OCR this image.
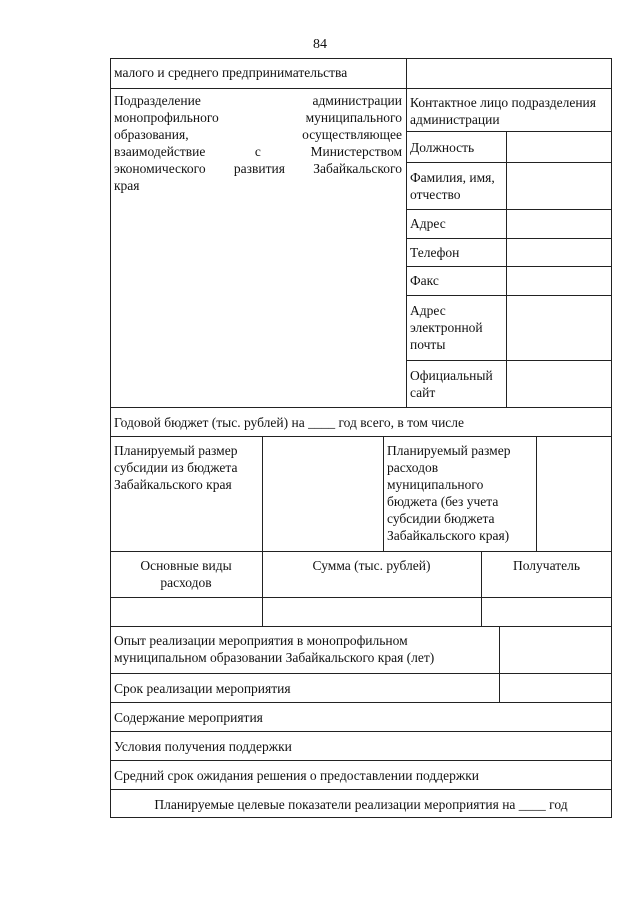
84
малого и среднего предпринимательства
Подразделение администрации
монопрофильного муниципального
образования, осуществляющее
взаимодействие с Министерством
экономического развития Забайкальского
края
Контактное лицо подразделения администрации
Должность
Фамилия, имя, отчество
Адрес
Телефон
Факс
Адрес электронной почты
Официальный сайт
Годовой бюджет (тыс. рублей) на ____ год всего, в том числе
Планируемый размер субсидии из бюджета Забайкальского края
Планируемый размер расходов муниципального бюджета (без учета субсидии бюджета Забайкальского края)
Основные виды расходов
Сумма (тыс. рублей)	Получатель
Опыт реализации мероприятия в монопрофильном муниципальном образовании Забайкальского края (лет)
Срок реализации мероприятия
Содержание мероприятия
Условия получения поддержки
Средний срок ожидания решения о предоставлении поддержки
Планируемые целевые показатели реализации мероприятия на ____ год
